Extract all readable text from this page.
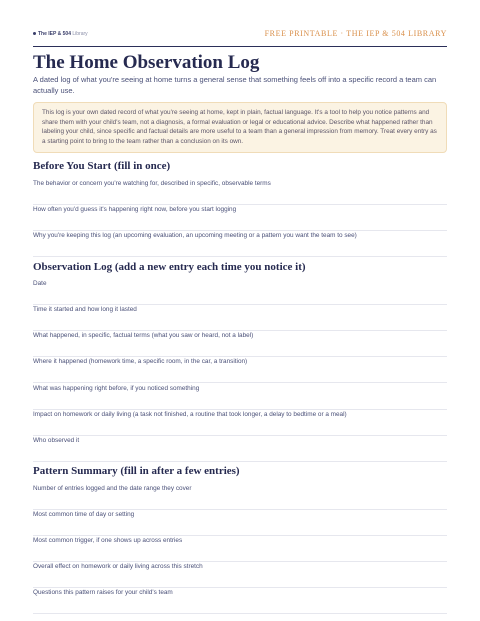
The IEP & 504 Library	FREE PRINTABLE · THE IEP & 504 LIBRARY
The Home Observation Log

A dated log of what you're seeing at home turns a general sense that something feels off into a specific record a team can actually use.

This log is your own dated record of what you're seeing at home, kept in plain, factual language. It's a tool to help you notice patterns and share them with your child's team, not a diagnosis, a formal evaluation or legal or educational advice. Describe what happened rather than labeling your child, since specific and factual details are more useful to a team than a general impression from memory. Treat every entry as a starting point to bring to the team rather than a conclusion on its own.
Before You Start (fill in once)
The behavior or concern you're watching for, described in specific, observable terms
How often you'd guess it's happening right now, before you start logging
Why you're keeping this log (an upcoming evaluation, an upcoming meeting or a pattern you want the team to see)
Observation Log (add a new entry each time you notice it)
Date
Time it started and how long it lasted
What happened, in specific, factual terms (what you saw or heard, not a label)
Where it happened (homework time, a specific room, in the car, a transition)
What was happening right before, if you noticed something
Impact on homework or daily living (a task not finished, a routine that took longer, a delay to bedtime or a meal)
Who observed it
Pattern Summary (fill in after a few entries)
Number of entries logged and the date range they cover
Most common time of day or setting
Most common trigger, if one shows up across entries
Overall effect on homework or daily living across this stretch
Questions this pattern raises for your child's team
